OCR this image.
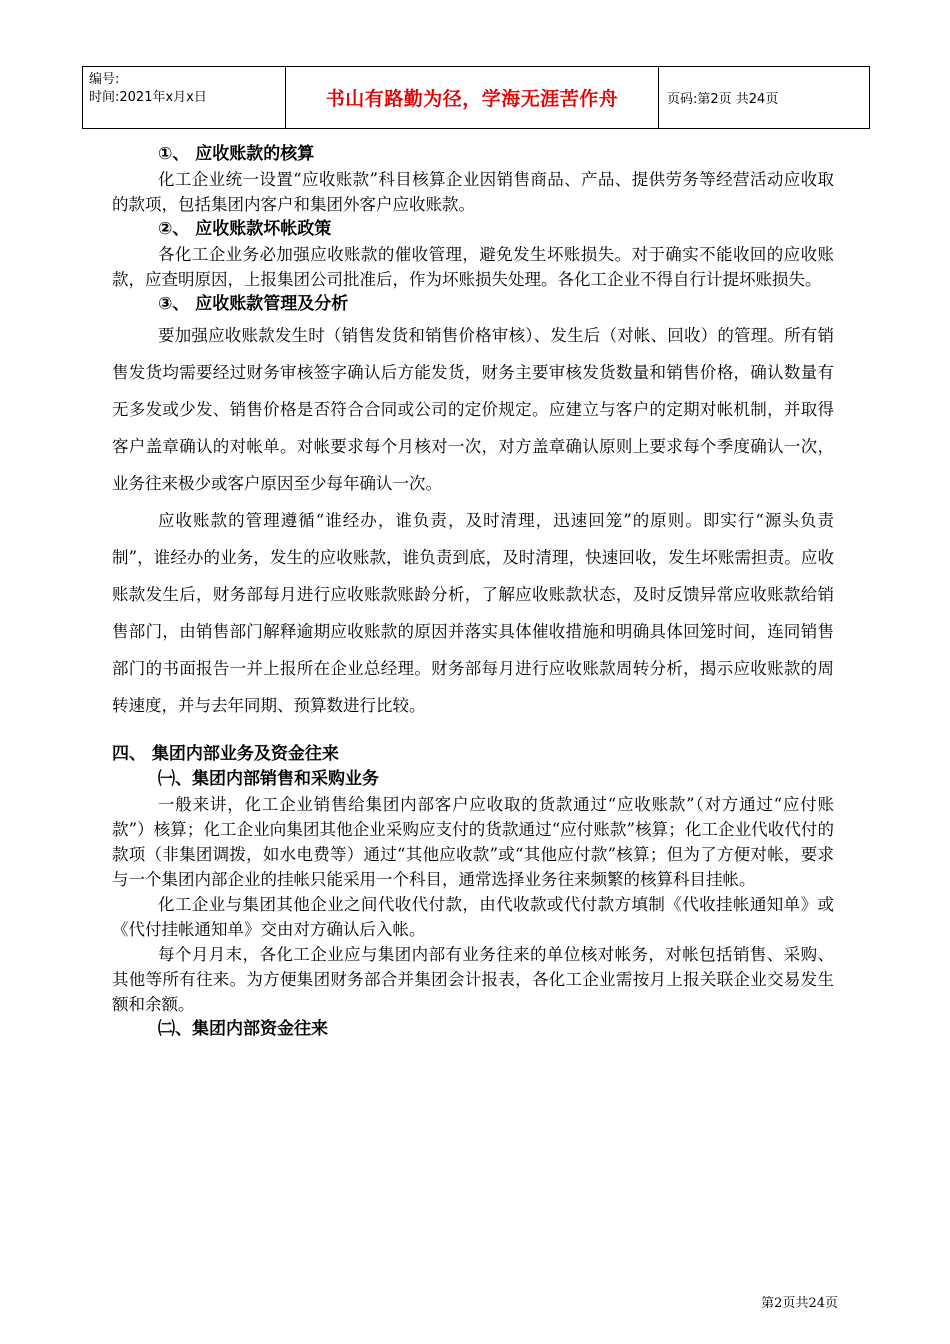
编号:
时间:2021年x月x日	书山有路勤为径，学海无涯苦作舟	页码:第2页 共24页
①、 应收账款的核算

化工企业统一设置“应收账款”科目核算企业因销售商品、产品、提供劳务等经营活动应收取的款项，包括集团内客户和集团外客户应收账款。

②、 应收账款坏帐政策

各化工企业务必加强应收账款的催收管理，避免发生坏账损失。对于确实不能收回的应收账款，应查明原因，上报集团公司批准后，作为坏账损失处理。各化工企业不得自行计提坏账损失。

③、 应收账款管理及分析

要加强应收账款发生时（销售发货和销售价格审核）、发生后（对帐、回收）的管理。所有销售发货均需要经过财务审核签字确认后方能发货，财务主要审核发货数量和销售价格，确认数量有无多发或少发、销售价格是否符合合同或公司的定价规定。应建立与客户的定期对帐机制，并取得客户盖章确认的对帐单。对帐要求每个月核对一次，对方盖章确认原则上要求每个季度确认一次，业务往来极少或客户原因至少每年确认一次。

应收账款的管理遵循“谁经办，谁负责，及时清理，迅速回笼”的原则。即实行“源头负责制”，谁经办的业务，发生的应收账款，谁负责到底，及时清理，快速回收，发生坏账需担责。应收账款发生后，财务部每月进行应收账款账龄分析，了解应收账款状态，及时反馈异常应收账款给销售部门，由销售部门解释逾期应收账款的原因并落实具体催收措施和明确具体回笼时间，连同销售部门的书面报告一并上报所在企业总经理。财务部每月进行应收账款周转分析，揭示应收账款的周转速度，并与去年同期、预算数进行比较。

四、 集团内部业务及资金往来
㈠、集团内部销售和采购业务

一般来讲，化工企业销售给集团内部客户应收取的货款通过“应收账款”（对方通过“应付账款”）核算；化工企业向集团其他企业采购应支付的货款通过“应付账款”核算；化工企业代收代付的款项（非集团调拨，如水电费等）通过“其他应收款”或“其他应付款”核算；但为了方便对帐，要求与一个集团内部企业的挂帐只能采用一个科目，通常选择业务往来频繁的核算科目挂帐。

化工企业与集团其他企业之间代收代付款，由代收款或代付款方填制《代收挂帐通知单》或《代付挂帐通知单》交由对方确认后入帐。

每个月月末，各化工企业应与集团内部有业务往来的单位核对帐务，对帐包括销售、采购、其他等所有往来。为方便集团财务部合并集团会计报表，各化工企业需按月上报关联企业交易发生额和余额。

㈡、集团内部资金往来
第2页共24页
